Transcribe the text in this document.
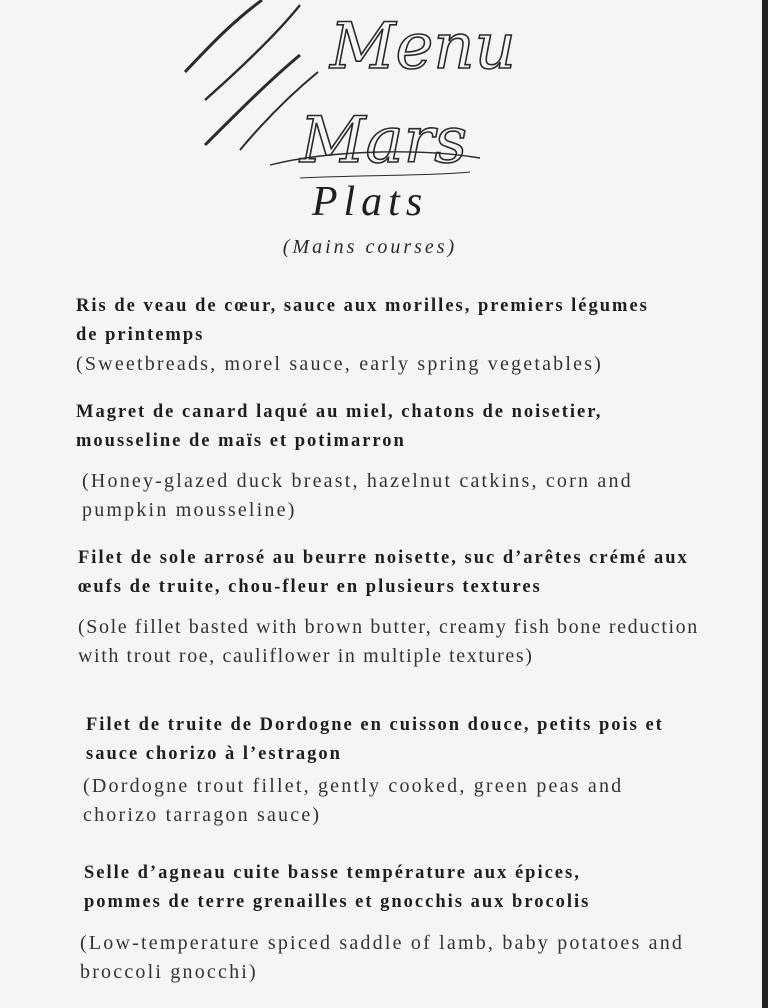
Menu
Mars
Plats
(Mains courses)
Ris de veau de cœur, sauce aux morilles, premiers légumes
de printemps
(Sweetbreads, morel sauce, early spring vegetables)
Magret de canard laqué au miel, chatons de noisetier,
mousseline de maïs et potimarron
(Honey-glazed duck breast, hazelnut catkins, corn and
pumpkin mousseline)
Filet de sole arrosé au beurre noisette, suc d’arêtes crémé aux
œufs de truite, chou-fleur en plusieurs textures
(Sole fillet basted with brown butter, creamy fish bone reduction
with trout roe, cauliflower in multiple textures)
Filet de truite de Dordogne en cuisson douce, petits pois et
sauce chorizo à l’estragon
(Dordogne trout fillet, gently cooked, green peas and
chorizo tarragon sauce)
Selle d’agneau cuite basse température aux épices,
pommes de terre grenailles et gnocchis aux brocolis
(Low-temperature spiced saddle of lamb, baby potatoes and
broccoli gnocchi)
